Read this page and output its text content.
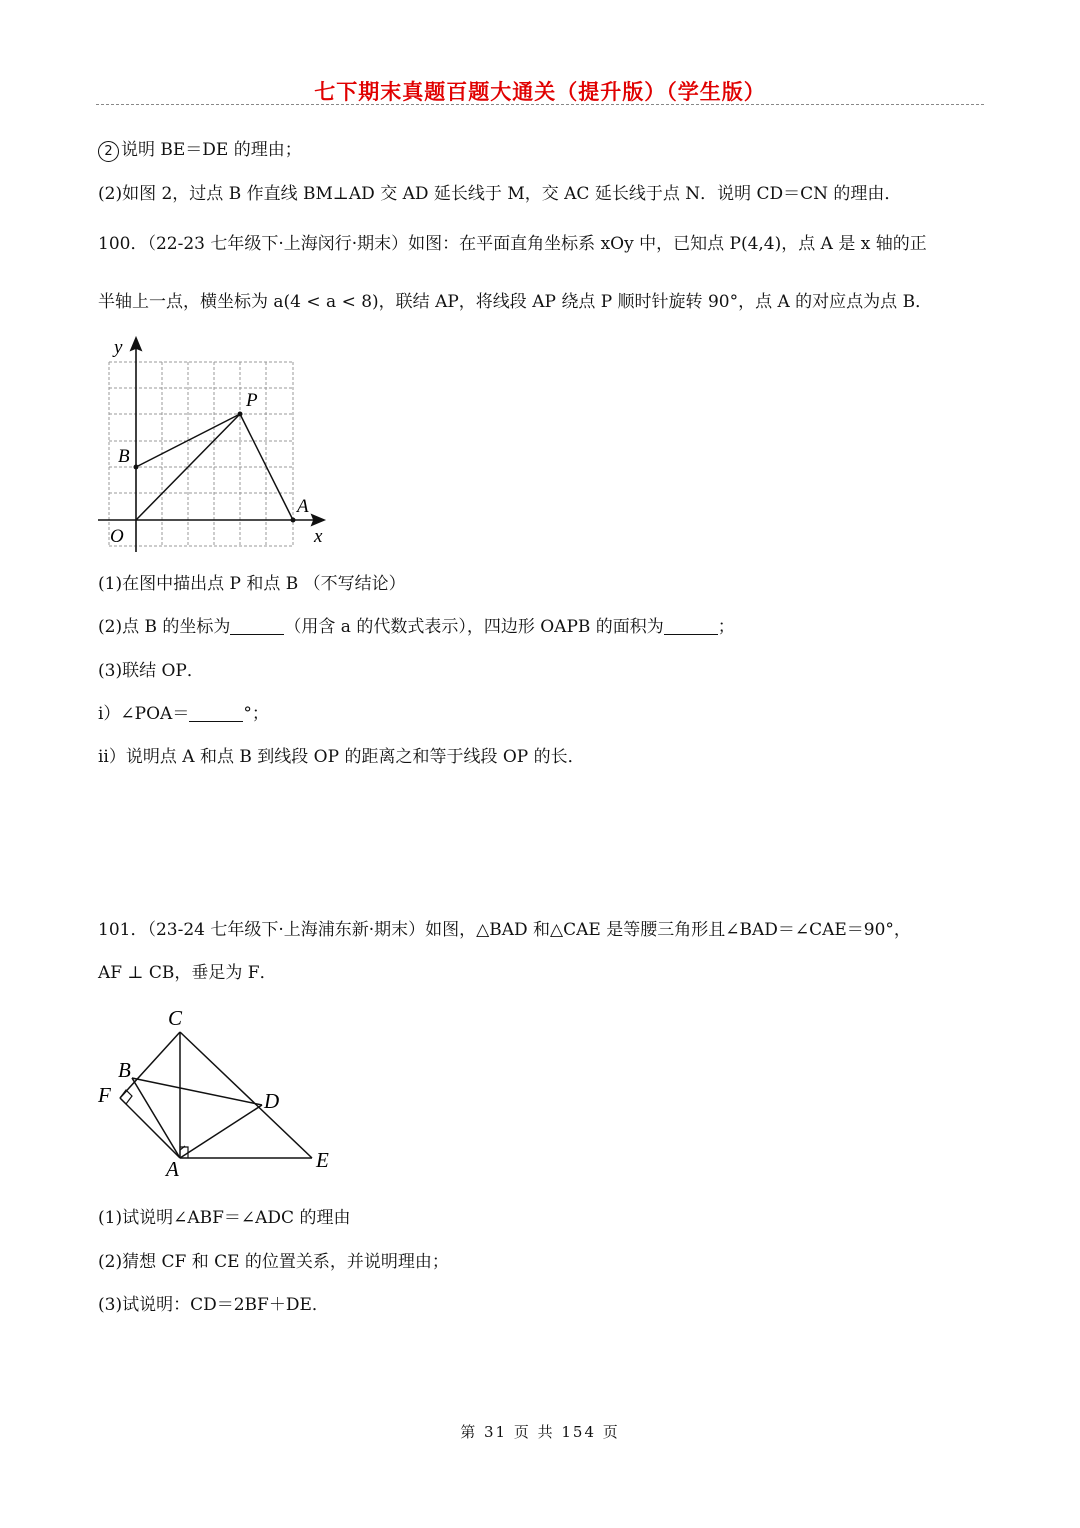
七下期末真题百题大通关（提升版）（学生版）
2 说明 BE＝DE 的理由；
(2)如图 2，过点 B 作直线 BM⊥AD 交 AD 延长线于 M，交 AC 延长线于点 N．说明 CD＝CN 的理由．
100．（22-23 七年级下·上海闵行·期末）如图：在平面直角坐标系 xOy 中，已知点 P(4,4)，点 A 是 x 轴的正
半轴上一点，横坐标为 a(4 < a < 8)，联结 AP，将线段 AP 绕点 P 顺时针旋转 90°，点 A 的对应点为点 B．
y
x
O
P
B
A
(1)在图中描出点 P 和点 B （不写结论）
(2)点 B 的坐标为	（用含 a 的代数式表示），四边形 OAPB 的面积为	；
(3)联结 OP．
i）∠POA＝	°；
ii）说明点 A 和点 B 到线段 OP 的距离之和等于线段 OP 的长．
101．（23-24 七年级下·上海浦东新·期末）如图，△BAD 和△CAE 是等腰三角形且∠BAD＝∠CAE＝90°，
AF ⊥ CB，垂足为 F．
C
B
F	D
A	E
(1)试说明∠ABF＝∠ADC 的理由
(2)猜想 CF 和 CE 的位置关系，并说明理由；
(3)试说明：CD＝2BF＋DE．
第 31 页 共 154 页
